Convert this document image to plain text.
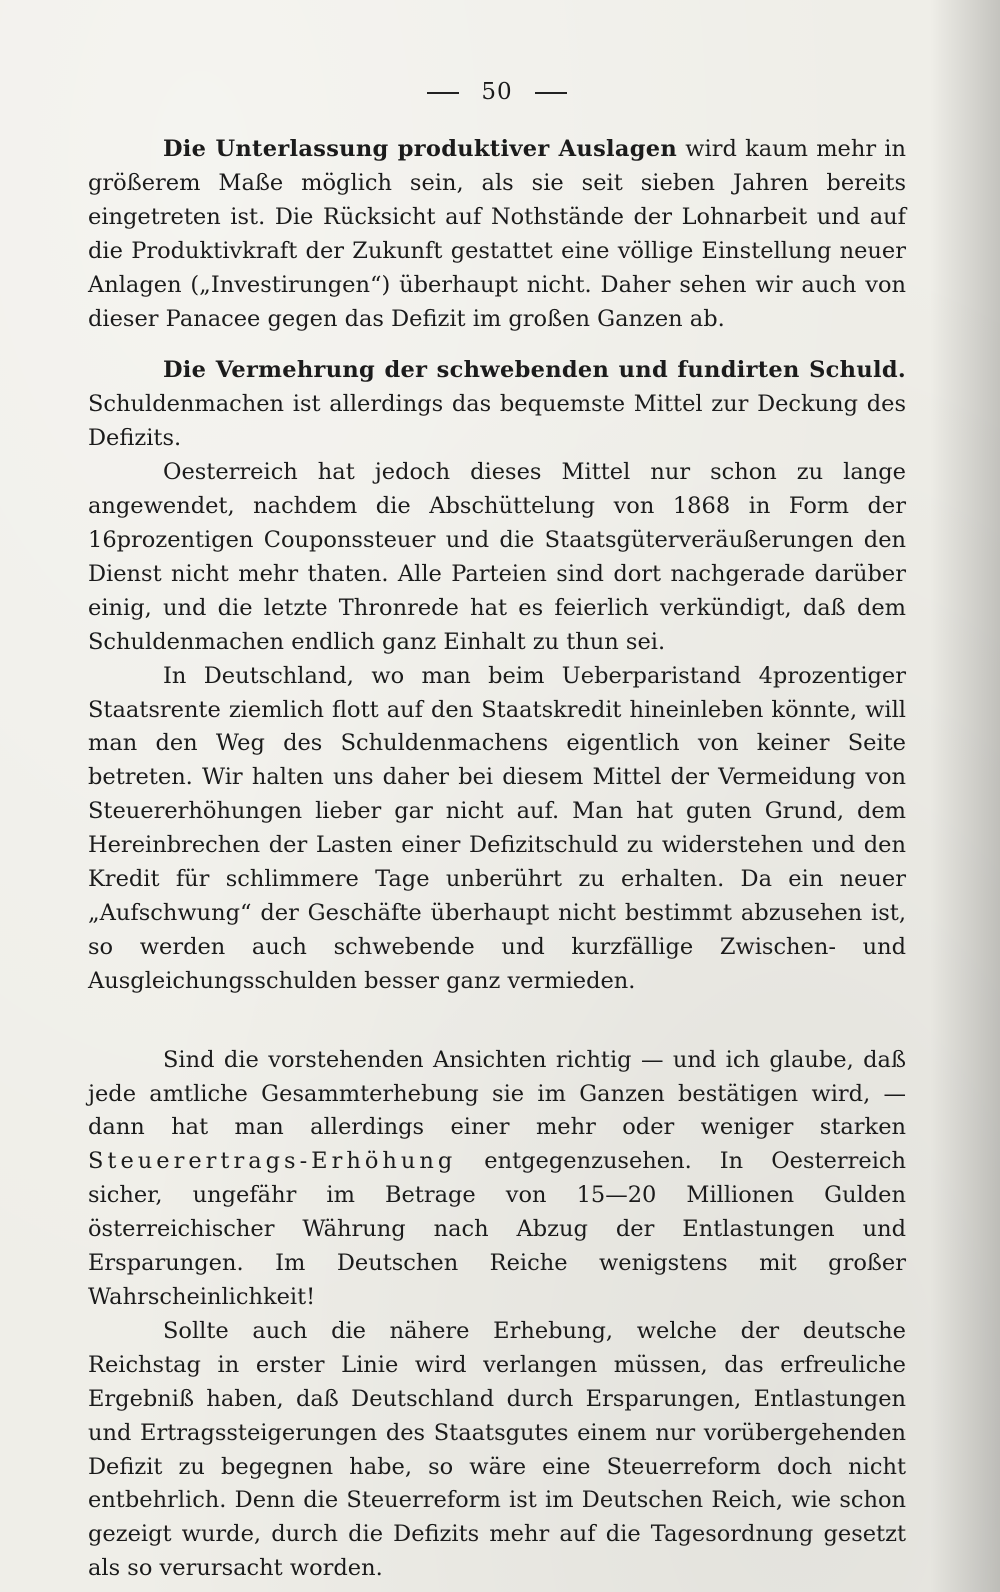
50

Die Unterlassung produktiver Auslagen wird kaum mehr in größerem Maße möglich sein, als sie seit sieben Jahren bereits eingetreten ist. Die Rücksicht auf Nothstände der Lohnarbeit und auf die Produktivkraft der Zukunft gestattet eine völlige Einstellung neuer Anlagen („Investirungen“) überhaupt nicht. Daher sehen wir auch von dieser Panacee gegen das Defizit im großen Ganzen ab.

Die Vermehrung der schwebenden und fundirten Schuld. Schuldenmachen ist allerdings das bequemste Mittel zur Deckung des Defizits.

Oesterreich hat jedoch dieses Mittel nur schon zu lange angewendet, nachdem die Abschüttelung von 1868 in Form der 16prozentigen Couponssteuer und die Staatsgüterveräußerungen den Dienst nicht mehr thaten. Alle Parteien sind dort nachgerade darüber einig, und die letzte Thronrede hat es feierlich verkündigt, daß dem Schuldenmachen endlich ganz Einhalt zu thun sei.

In Deutschland, wo man beim Ueberparistand 4prozentiger Staatsrente ziemlich flott auf den Staatskredit hineinleben könnte, will man den Weg des Schuldenmachens eigentlich von keiner Seite betreten. Wir halten uns daher bei diesem Mittel der Vermeidung von Steuererhöhungen lieber gar nicht auf. Man hat guten Grund, dem Hereinbrechen der Lasten einer Defizitschuld zu widerstehen und den Kredit für schlimmere Tage unberührt zu erhalten. Da ein neuer „Aufschwung“ der Geschäfte überhaupt nicht bestimmt abzusehen ist, so werden auch schwebende und kurzfällige Zwischen- und Ausgleichungsschulden besser ganz vermieden.

Sind die vorstehenden Ansichten richtig — und ich glaube, daß jede amtliche Gesammterhebung sie im Ganzen bestätigen wird, — dann hat man allerdings einer mehr oder weniger starken Steuerertrags-Erhöhung entgegenzusehen. In Oesterreich sicher, ungefähr im Betrage von 15—20 Millionen Gulden österreichischer Währung nach Abzug der Entlastungen und Ersparungen. Im Deutschen Reiche wenigstens mit großer Wahrscheinlichkeit!

Sollte auch die nähere Erhebung, welche der deutsche Reichstag in erster Linie wird verlangen müssen, das erfreuliche Ergebniß haben, daß Deutschland durch Ersparungen, Entlastungen und Ertragssteigerungen des Staatsgutes einem nur vorübergehenden Defizit zu begegnen habe, so wäre eine Steuerreform doch nicht entbehrlich. Denn die Steuerreform ist im Deutschen Reich, wie schon gezeigt wurde, durch die Defizits mehr auf die Tagesordnung gesetzt als so verursacht worden.
